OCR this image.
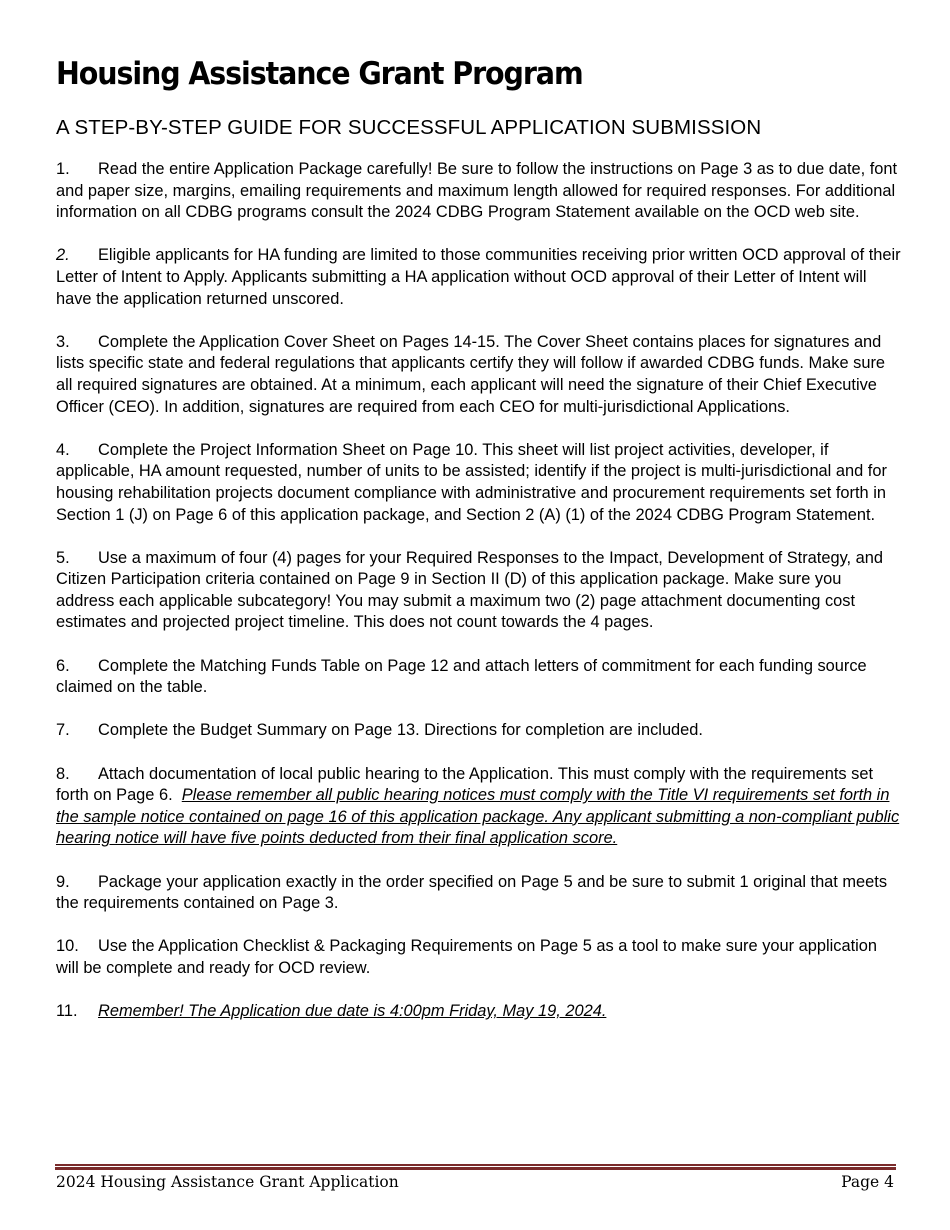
Housing Assistance Grant Program
A STEP-BY-STEP GUIDE FOR SUCCESSFUL APPLICATION SUBMISSION

1. Read the entire Application Package carefully! Be sure to follow the instructions on Page 3 as to due date, font and paper size, margins, emailing requirements and maximum length allowed for required responses. For additional information on all CDBG programs consult the 2024 CDBG Program Statement available on the OCD web site.

2. Eligible applicants for HA funding are limited to those communities receiving prior written OCD approval of their Letter of Intent to Apply. Applicants submitting a HA application without OCD approval of their Letter of Intent will have the application returned unscored.

3. Complete the Application Cover Sheet on Pages 14-15. The Cover Sheet contains places for signatures and lists specific state and federal regulations that applicants certify they will follow if awarded CDBG funds. Make sure all required signatures are obtained. At a minimum, each applicant will need the signature of their Chief Executive Officer (CEO). In addition, signatures are required from each CEO for multi-jurisdictional Applications.

4. Complete the Project Information Sheet on Page 10. This sheet will list project activities, developer, if applicable, HA amount requested, number of units to be assisted; identify if the project is multi-jurisdictional and for housing rehabilitation projects document compliance with administrative and procurement requirements set forth in Section 1 (J) on Page 6 of this application package, and Section 2 (A) (1) of the 2024 CDBG Program Statement.

5. Use a maximum of four (4) pages for your Required Responses to the Impact, Development of Strategy, and Citizen Participation criteria contained on Page 9 in Section II (D) of this application package. Make sure you address each applicable subcategory! You may submit a maximum two (2) page attachment documenting cost estimates and projected project timeline. This does not count towards the 4 pages.

6. Complete the Matching Funds Table on Page 12 and attach letters of commitment for each funding source claimed on the table.

7. Complete the Budget Summary on Page 13. Directions for completion are included.

8. Attach documentation of local public hearing to the Application. This must comply with the requirements set forth on Page 6. Please remember all public hearing notices must comply with the Title VI requirements set forth in the sample notice contained on page 16 of this application package. Any applicant submitting a non-compliant public hearing notice will have five points deducted from their final application score.

9. Package your application exactly in the order specified on Page 5 and be sure to submit 1 original that meets the requirements contained on Page 3.

10. Use the Application Checklist & Packaging Requirements on Page 5 as a tool to make sure your application will be complete and ready for OCD review.

11. Remember! The Application due date is 4:00pm Friday, May 19, 2024.

2024 Housing Assistance Grant Application	Page 4
